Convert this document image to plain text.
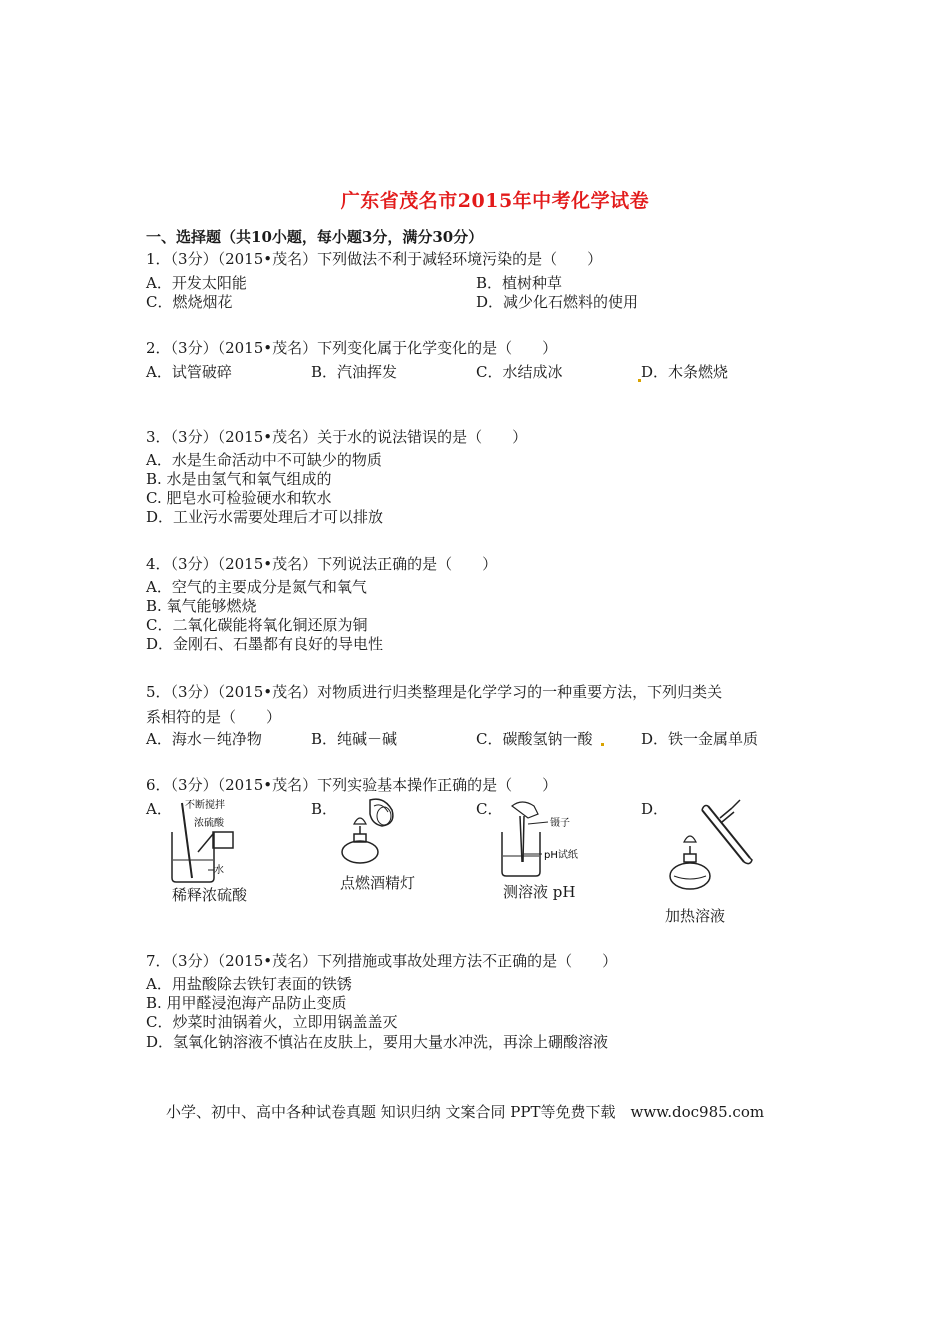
广东省茂名市2015年中考化学试卷
一、选择题（共10小题，每小题3分，满分30分）
1．（3分）（2015•茂名）下列做法不利于减轻环境污染的是（　　）
A．开发太阳能	B．植树种草
C．燃烧烟花	D．减少化石燃料的使用
2．（3分）（2015•茂名）下列变化属于化学变化的是（　　）
A．试管破碎	B．汽油挥发	C．水结成冰	D．木条燃烧
3．（3分）（2015•茂名）关于水的说法错误的是（　　）
A．水是生命活动中不可缺少的物质
B. 水是由氢气和氧气组成的
C. 肥皂水可检验硬水和软水
D．工业污水需要处理后才可以排放
4．（3分）（2015•茂名）下列说法正确的是（　　）
A．空气的主要成分是氮气和氧气
B. 氧气能够燃烧
C．二氧化碳能将氧化铜还原为铜
D．金刚石、石墨都有良好的导电性
5．（3分）（2015•茂名）对物质进行归类整理是化学学习的一种重要方法，下列归类关
系相符的是（　　）
A．海水－纯净物	B．纯碱－碱	C．碳酸氢钠一酸	D．铁一金属单质
6．（3分）（2015•茂名）下列实验基本操作正确的是（　　）
A．	B．	C．	D．
不断搅拌
浓硫酸
水
稀释浓硫酸
点燃酒精灯
镊子
pH试纸
测溶液 pH
加热溶液
7．（3分）（2015•茂名）下列措施或事故处理方法不正确的是（　　）
A．用盐酸除去铁钉表面的铁锈
B. 用甲醛浸泡海产品防止变质
C．炒菜时油锅着火，立即用锅盖盖灭
D．氢氧化钠溶液不慎沾在皮肤上，要用大量水冲洗，再涂上硼酸溶液
小学、初中、高中各种试卷真题 知识归纳 文案合同 PPT等免费下载　www.doc985.com
